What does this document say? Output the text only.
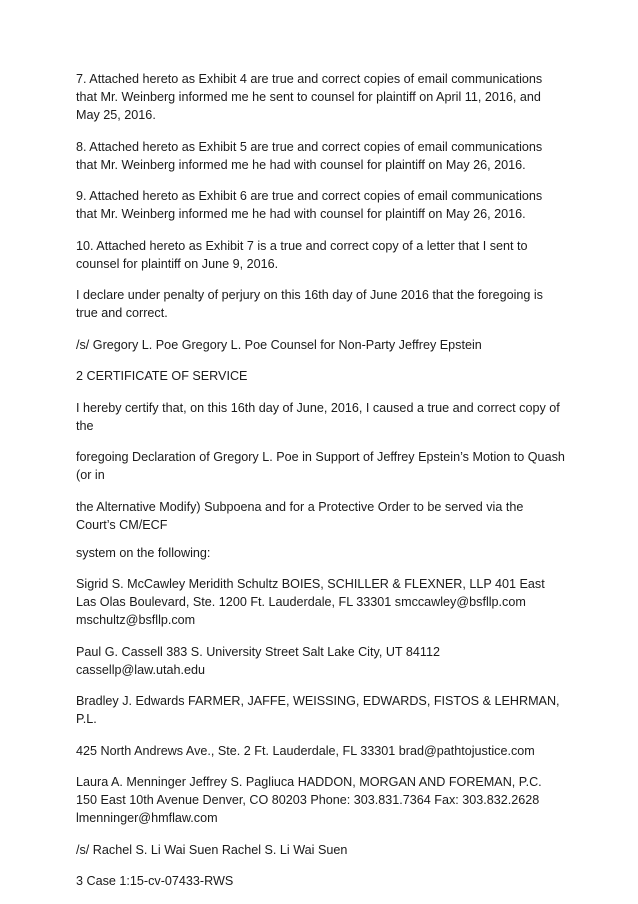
7. Attached hereto as Exhibit 4 are true and correct copies of email communications that Mr. Weinberg informed me he sent to counsel for plaintiff on April 11, 2016, and May 25, 2016.

8. Attached hereto as Exhibit 5 are true and correct copies of email communications that Mr. Weinberg informed me he had with counsel for plaintiff on May 26, 2016.

9. Attached hereto as Exhibit 6 are true and correct copies of email communications that Mr. Weinberg informed me he had with counsel for plaintiff on May 26, 2016.

10. Attached hereto as Exhibit 7 is a true and correct copy of a letter that I sent to counsel for plaintiff on June 9, 2016.

I declare under penalty of perjury on this 16th day of June 2016 that the foregoing is true and correct.

/s/ Gregory L. Poe Gregory L. Poe Counsel for Non-Party Jeffrey Epstein

2 CERTIFICATE OF SERVICE

I hereby certify that, on this 16th day of June, 2016, I caused a true and correct copy of the

foregoing Declaration of Gregory L. Poe in Support of Jeffrey Epstein’s Motion to Quash (or in

the Alternative Modify) Subpoena and for a Protective Order to be served via the Court’s CM/ECF

system on the following:

Sigrid S. McCawley Meridith Schultz BOIES, SCHILLER & FLEXNER, LLP 401 East Las Olas Boulevard, Ste. 1200 Ft. Lauderdale, FL 33301 smccawley@bsfllp.com mschultz@bsfllp.com

Paul G. Cassell 383 S. University Street Salt Lake City, UT 84112 cassellp@law.utah.edu

Bradley J. Edwards FARMER, JAFFE, WEISSING, EDWARDS, FISTOS & LEHRMAN, P.L.

425 North Andrews Ave., Ste. 2 Ft. Lauderdale, FL 33301 brad@pathtojustice.com

Laura A. Menninger Jeffrey S. Pagliuca HADDON, MORGAN AND FOREMAN, P.C. 150 East 10th Avenue Denver, CO 80203 Phone: 303.831.7364 Fax: 303.832.2628 lmenninger@hmflaw.com

/s/ Rachel S. Li Wai Suen Rachel S. Li Wai Suen

3 Case 1:15-cv-07433-RWS
